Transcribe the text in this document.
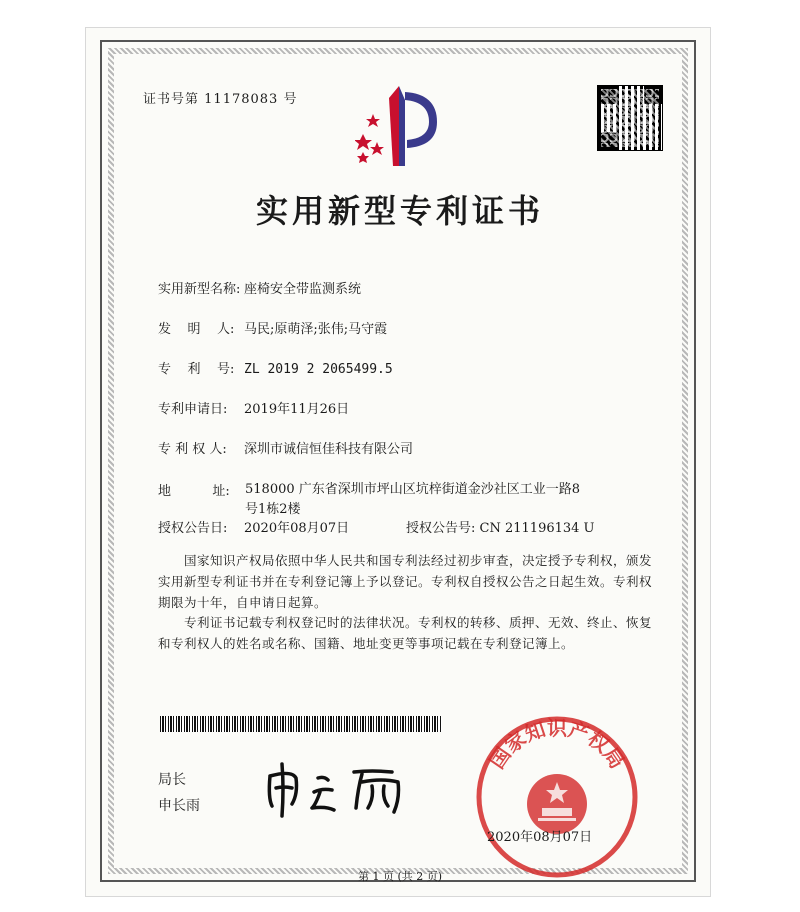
证书号第 11178083 号
实用新型专利证书
实用新型名称: 座椅安全带监测系统
发    明    人: 马民;原萌泽;张伟;马守霞
专    利    号: ZL 2019 2 2065499.5
专利申请日: 2019年11月26日
专 利 权 人: 深圳市诚信恒佳科技有限公司
地          址:	518000 广东省深圳市坪山区坑梓街道金沙社区工业一路8号1栋2楼
授权公告日: 2020年08月07日	授权公告号: CN 211196134 U
国家知识产权局依照中华人民共和国专利法经过初步审查，决定授予专利权，颁发实用新型专利证书并在专利登记簿上予以登记。专利权自授权公告之日起生效。专利权期限为十年，自申请日起算。
专利证书记载专利权登记时的法律状况。专利权的转移、质押、无效、终止、恢复和专利权人的姓名或名称、国籍、地址变更等事项记载在专利登记簿上。
局长
申长雨
国家知识产权局
2020年08月07日
第 1 页 (共 2 页)
